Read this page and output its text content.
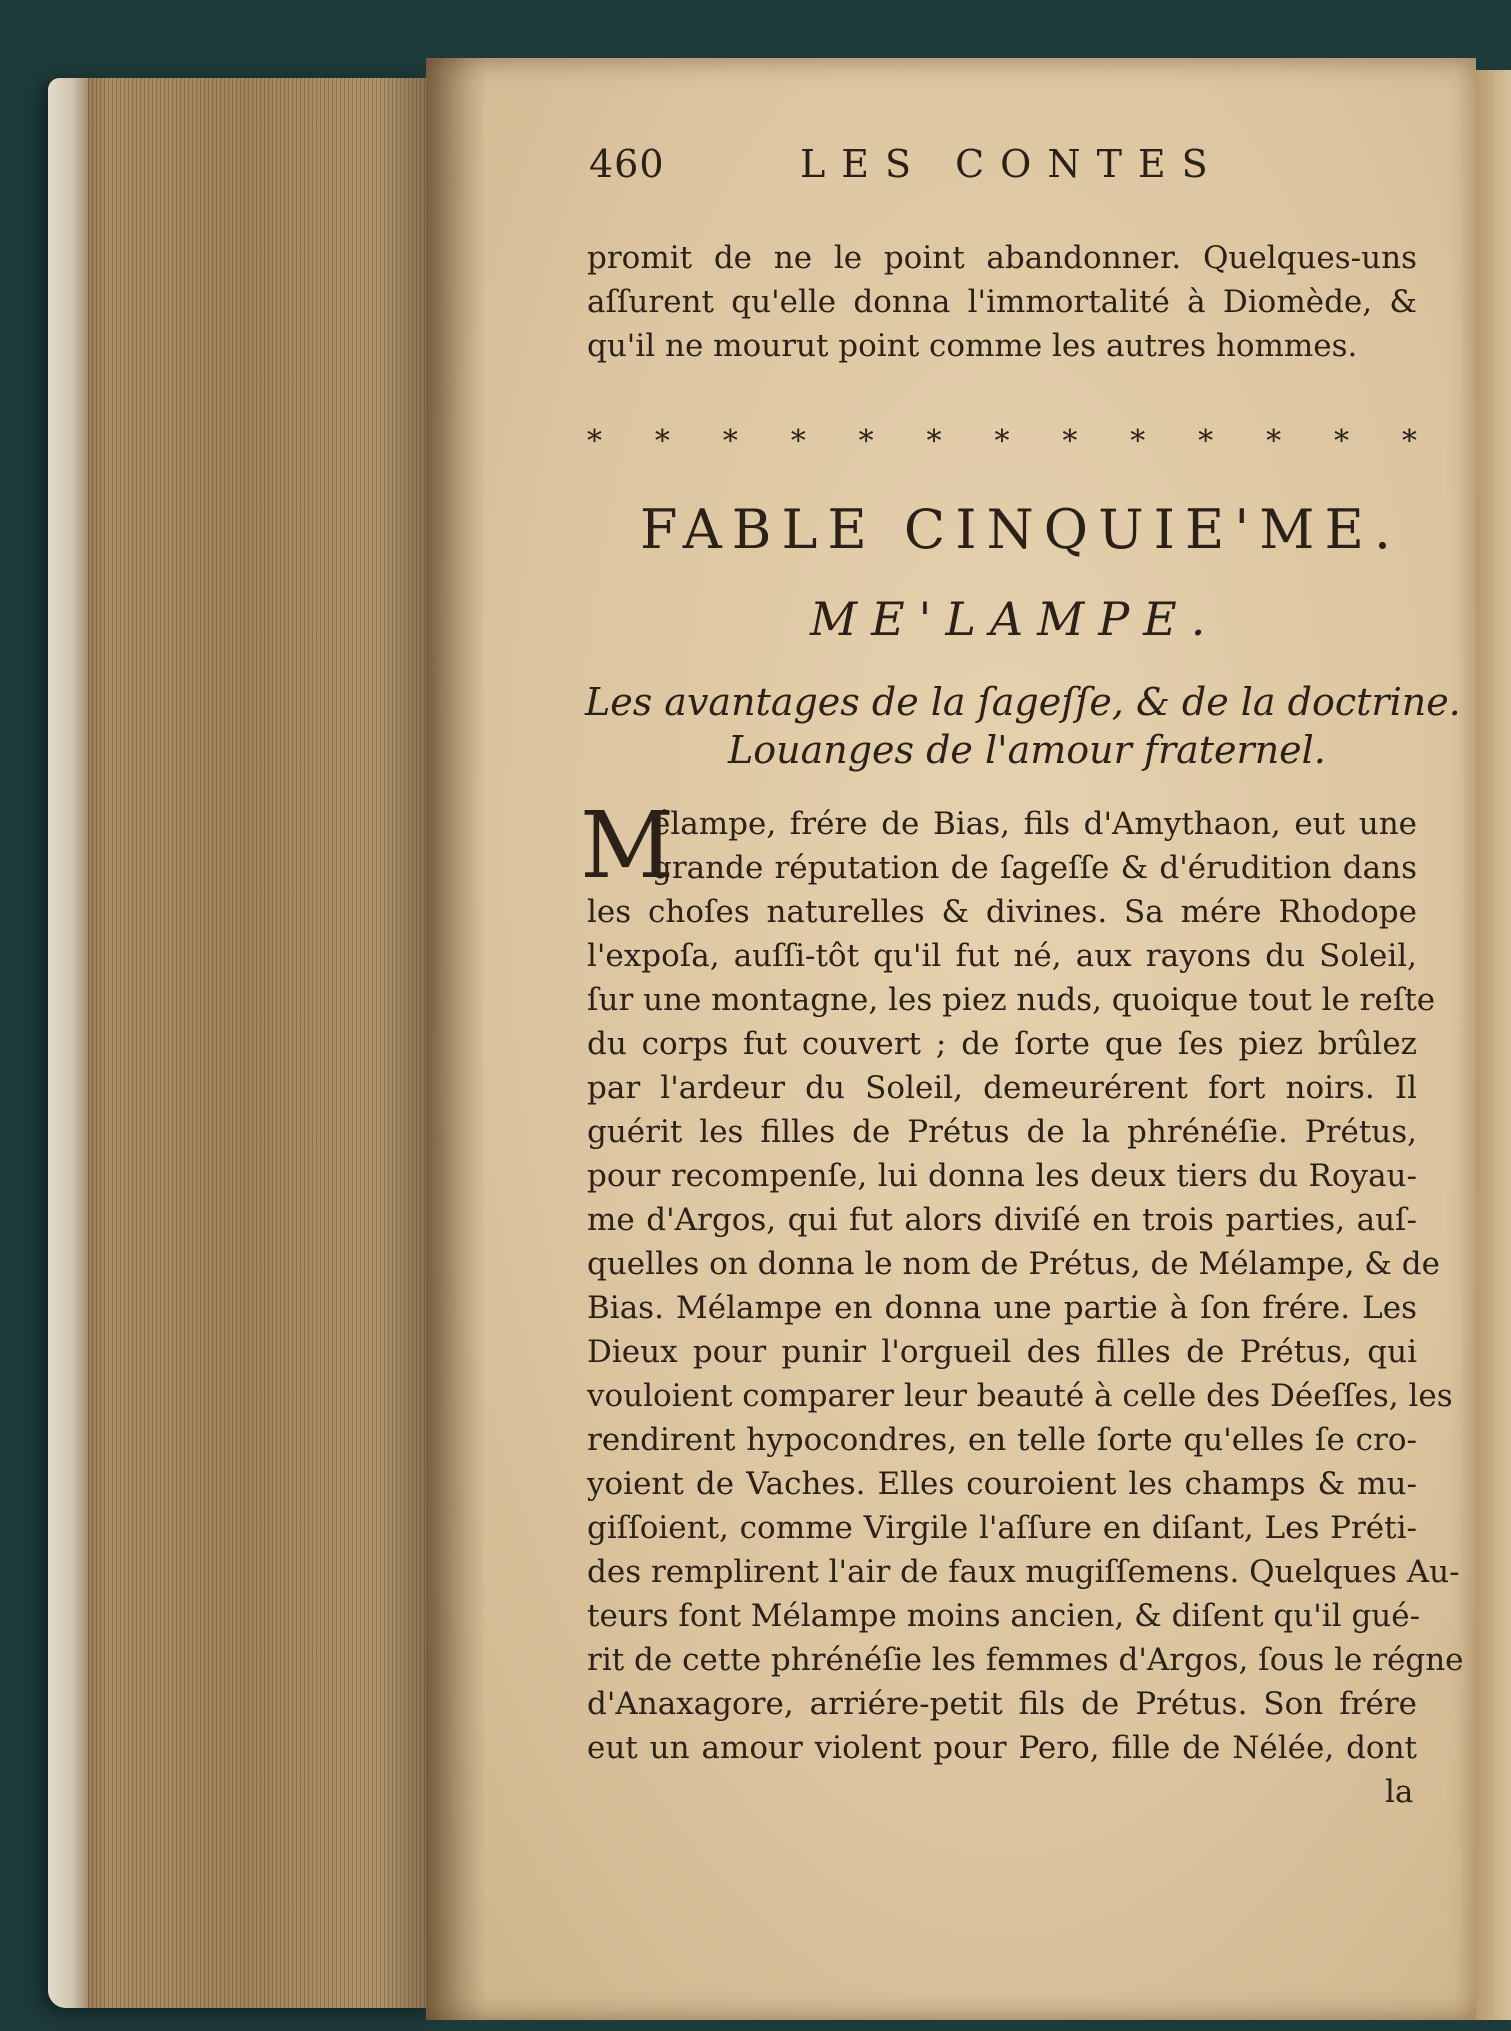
460	LES CONTES
promit de ne le point abandonner. Quelques-uns
aſſurent qu'elle donna l'immortalité à Diomède, &
qu'il ne mourut point comme les autres hommes.
* * * * * * * * * * * * *
FABLE CINQUIE'ME.
ME'LAMPE.
Les avantages de la ſageſſe, & de la doctrine.
Louanges de l'amour fraternel.
M
élampe, frére de Bias, fils d'Amythaon, eut une
grande réputation de ſageſſe & d'érudition dans
les choſes naturelles & divines. Sa mére Rhodope
l'expoſa, auſſi-tôt qu'il fut né, aux rayons du Soleil,
ſur une montagne, les piez nuds, quoique tout le reſte
du corps fut couvert ; de ſorte que ſes piez brûlez
par l'ardeur du Soleil, demeurérent fort noirs. Il
guérit les filles de Prétus de la phrénéſie. Prétus,
pour recompenſe, lui donna les deux tiers du Royau-
me d'Argos, qui fut alors diviſé en trois parties, auſ-
quelles on donna le nom de Prétus, de Mélampe, & de
Bias. Mélampe en donna une partie à ſon frére. Les
Dieux pour punir l'orgueil des filles de Prétus, qui
vouloient comparer leur beauté à celle des Déeſſes, les
rendirent hypocondres, en telle ſorte qu'elles ſe cro-
yoient de Vaches. Elles couroient les champs & mu-
giſſoient, comme Virgile l'aſſure en diſant, Les Préti-
des remplirent l'air de faux mugiſſemens. Quelques Au-
teurs font Mélampe moins ancien, & diſent qu'il gué-
rit de cette phrénéſie les femmes d'Argos, ſous le régne
d'Anaxagore, arriére-petit fils de Prétus. Son frére
eut un amour violent pour Pero, fille de Nélée, dont
la
